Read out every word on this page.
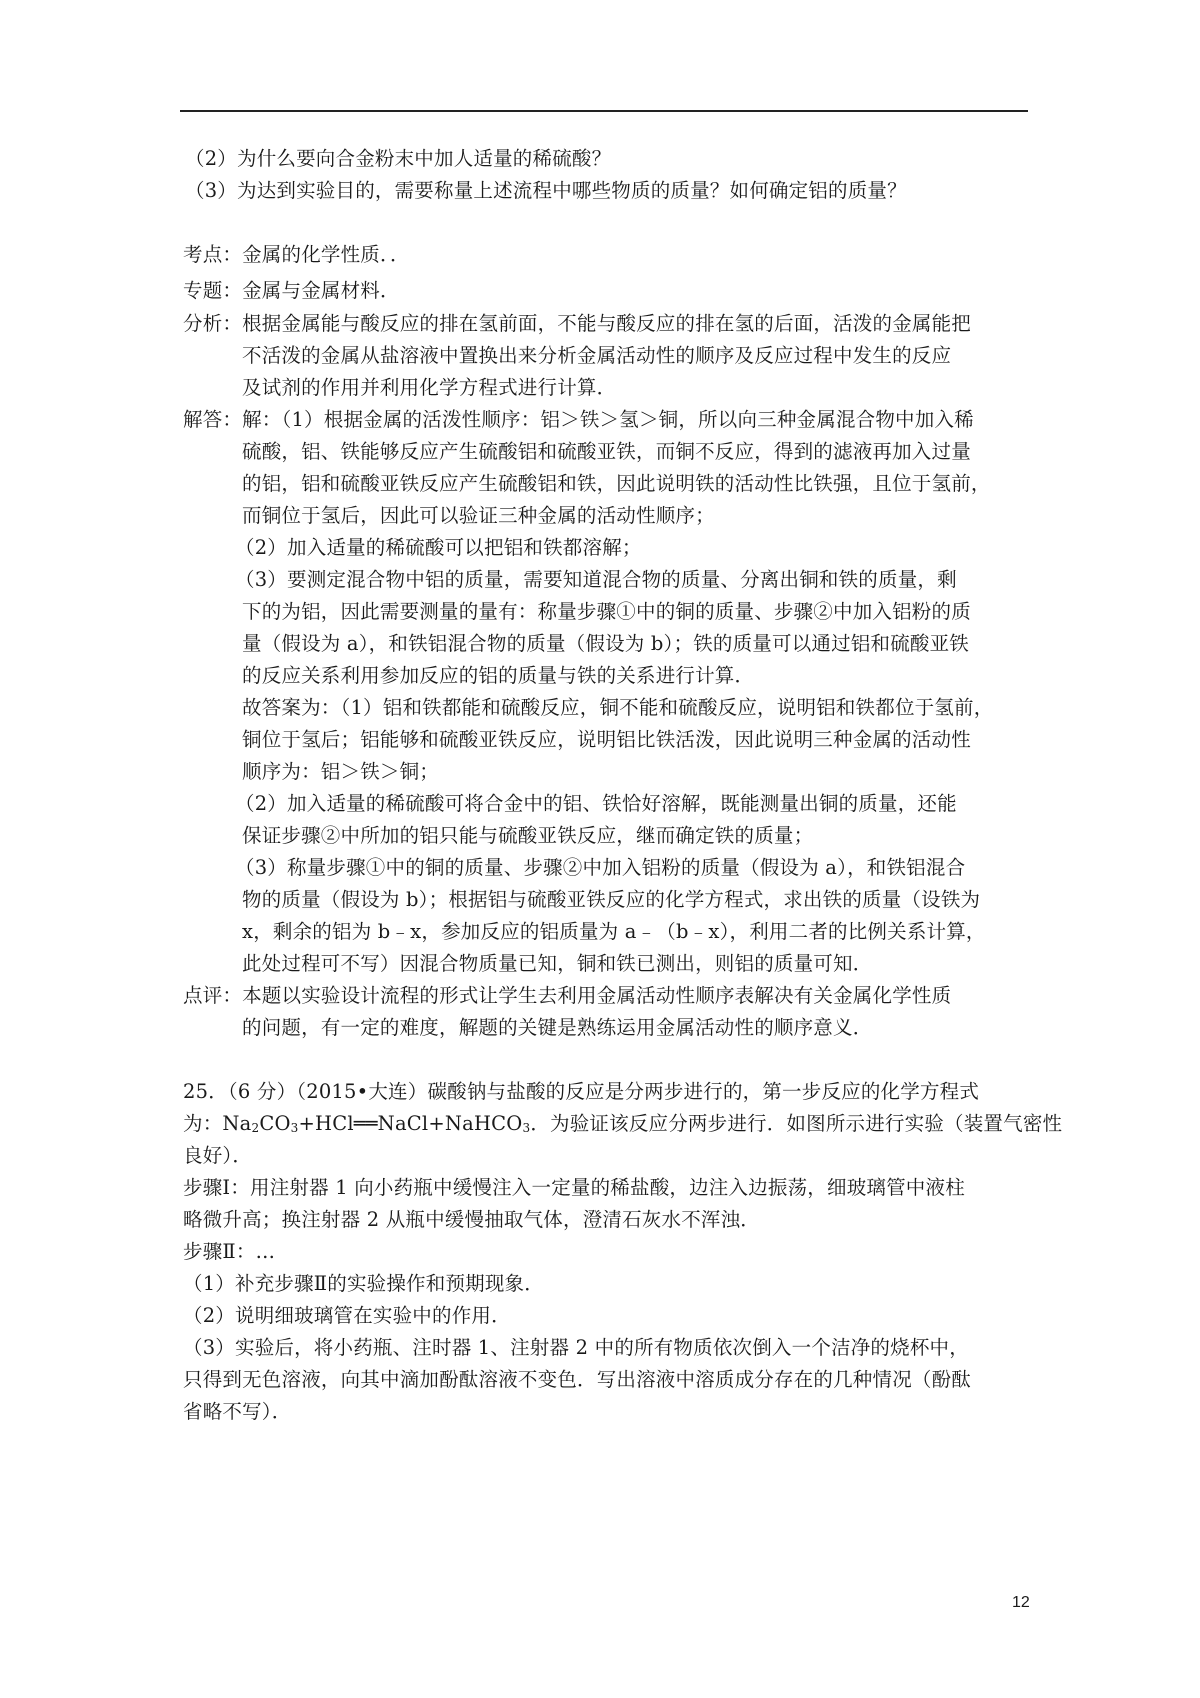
（2）为什么要向合金粉末中加人适量的稀硫酸？
（3）为达到实验目的，需要称量上述流程中哪些物质的质量？如何确定铝的质量？
考点：金属的化学性质．．
专题：金属与金属材料．
分析：根据金属能与酸反应的排在氢前面，不能与酸反应的排在氢的后面，活泼的金属能把
不活泼的金属从盐溶液中置换出来分析金属活动性的顺序及反应过程中发生的反应
及试剂的作用并利用化学方程式进行计算．
解答：解：（1）根据金属的活泼性顺序：铝＞铁＞氢＞铜，所以向三种金属混合物中加入稀
硫酸，铝、铁能够反应产生硫酸铝和硫酸亚铁，而铜不反应，得到的滤液再加入过量
的铝，铝和硫酸亚铁反应产生硫酸铝和铁，因此说明铁的活动性比铁强，且位于氢前，
而铜位于氢后，因此可以验证三种金属的活动性顺序；
（2）加入适量的稀硫酸可以把铝和铁都溶解；
（3）要测定混合物中铝的质量，需要知道混合物的质量、分离出铜和铁的质量，剩
下的为铝，因此需要测量的量有：称量步骤①中的铜的质量、步骤②中加入铝粉的质
量（假设为 a），和铁铝混合物的质量（假设为 b）；铁的质量可以通过铝和硫酸亚铁
的反应关系利用参加反应的铝的质量与铁的关系进行计算．
故答案为：（1）铝和铁都能和硫酸反应，铜不能和硫酸反应，说明铝和铁都位于氢前，
铜位于氢后；铝能够和硫酸亚铁反应，说明铝比铁活泼，因此说明三种金属的活动性
顺序为：铝＞铁＞铜；
（2）加入适量的稀硫酸可将合金中的铝、铁恰好溶解，既能测量出铜的质量，还能
保证步骤②中所加的铝只能与硫酸亚铁反应，继而确定铁的质量；
（3）称量步骤①中的铜的质量、步骤②中加入铝粉的质量（假设为 a），和铁铝混合
物的质量（假设为 b）；根据铝与硫酸亚铁反应的化学方程式，求出铁的质量（设铁为
x，剩余的铝为 b﹣x，参加反应的铝质量为 a﹣（b﹣x），利用二者的比例关系计算，
此处过程可不写）因混合物质量已知，铜和铁已测出，则铝的质量可知．
点评：本题以实验设计流程的形式让学生去利用金属活动性顺序表解决有关金属化学性质
的问题，有一定的难度，解题的关键是熟练运用金属活动性的顺序意义．
25．（6 分）（2015•大连）碳酸钠与盐酸的反应是分两步进行的，第一步反应的化学方程式
为：$Na_2CO_3+HCl══NaCl+NaHCO_3$．为验证该反应分两步进行．如图所示进行实验（装置气密性
良好）．
步骤Ⅰ：用注射器 1 向小药瓶中缓慢注入一定量的稀盐酸，边注入边振荡，细玻璃管中液柱
略微升高；换注射器 2 从瓶中缓慢抽取气体，澄清石灰水不浑浊．
步骤Ⅱ：…
（1）补充步骤Ⅱ的实验操作和预期现象．
（2）说明细玻璃管在实验中的作用．
（3）实验后，将小药瓶、注时器 1、注射器 2 中的所有物质依次倒入一个洁净的烧杯中，
只得到无色溶液，向其中滴加酚酞溶液不变色．写出溶液中溶质成分存在的几种情况（酚酞
省略不写）．
12
